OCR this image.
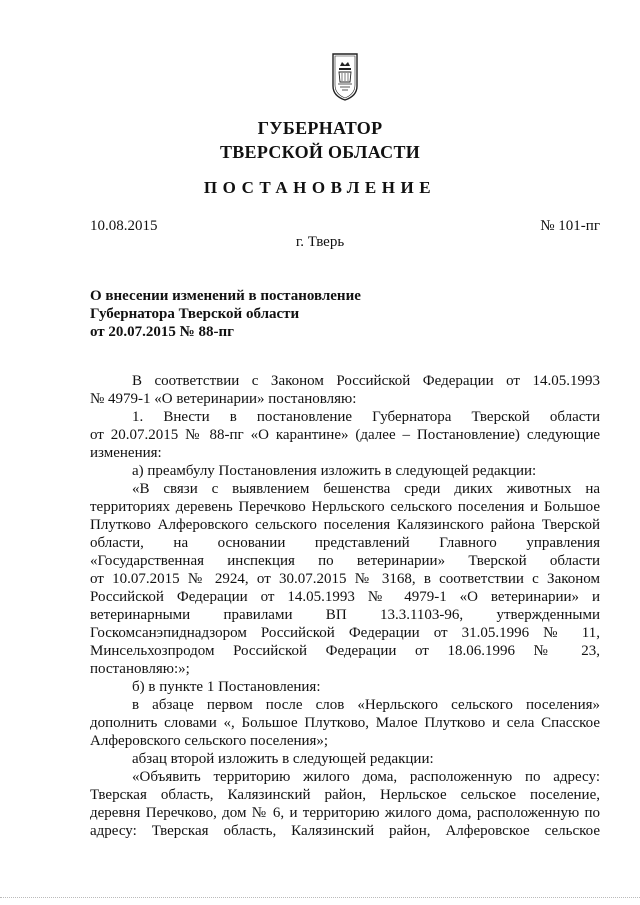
ГУБЕРНАТОР
ТВЕРСКОЙ ОБЛАСТИ
ПОСТАНОВЛЕНИЕ
10.08.2015	№ 101-пг
г. Тверь
О внесении изменений в постановление
Губернатора Тверской области
от 20.07.2015 № 88-пг

В соответствии с Законом Российской Федерации от 14.05.1993

№ 4979-1 «О ветеринарии» постановляю:

1. Внести в постановление Губернатора Тверской области

от 20.07.2015 № 88-пг «О карантине» (далее – Постановление) следующие

изменения:

а) преамбулу Постановления изложить в следующей редакции:

«В связи с выявлением бешенства среди диких животных на

территориях деревень Перечково Нерльского сельского поселения и Большое

Плутково Алферовского сельского поселения Калязинского района Тверской

области, на основании представлений Главного управления

«Государственная инспекция по ветеринарии» Тверской области

от 10.07.2015 № 2924, от 30.07.2015 № 3168, в соответствии с Законом

Российской Федерации от 14.05.1993 № 4979-1 «О ветеринарии» и

ветеринарными правилами ВП 13.3.1103-96, утвержденными

Госкомсанэпиднадзором Российской Федерации от 31.05.1996 № 11,

Минсельхозпродом Российской Федерации от 18.06.1996 № 23,

постановляю:»;

б) в пункте 1 Постановления:

в абзаце первом после слов «Нерльского сельского поселения»

дополнить словами «, Большое Плутково, Малое Плутково и села Спасское

Алферовского сельского поселения»;

абзац второй изложить в следующей редакции:

«Объявить территорию жилого дома, расположенную по адресу:

Тверская область, Калязинский район, Нерльское сельское поселение,

деревня Перечково, дом № 6, и территорию жилого дома, расположенную по

адресу: Тверская область, Калязинский район, Алферовское сельское
